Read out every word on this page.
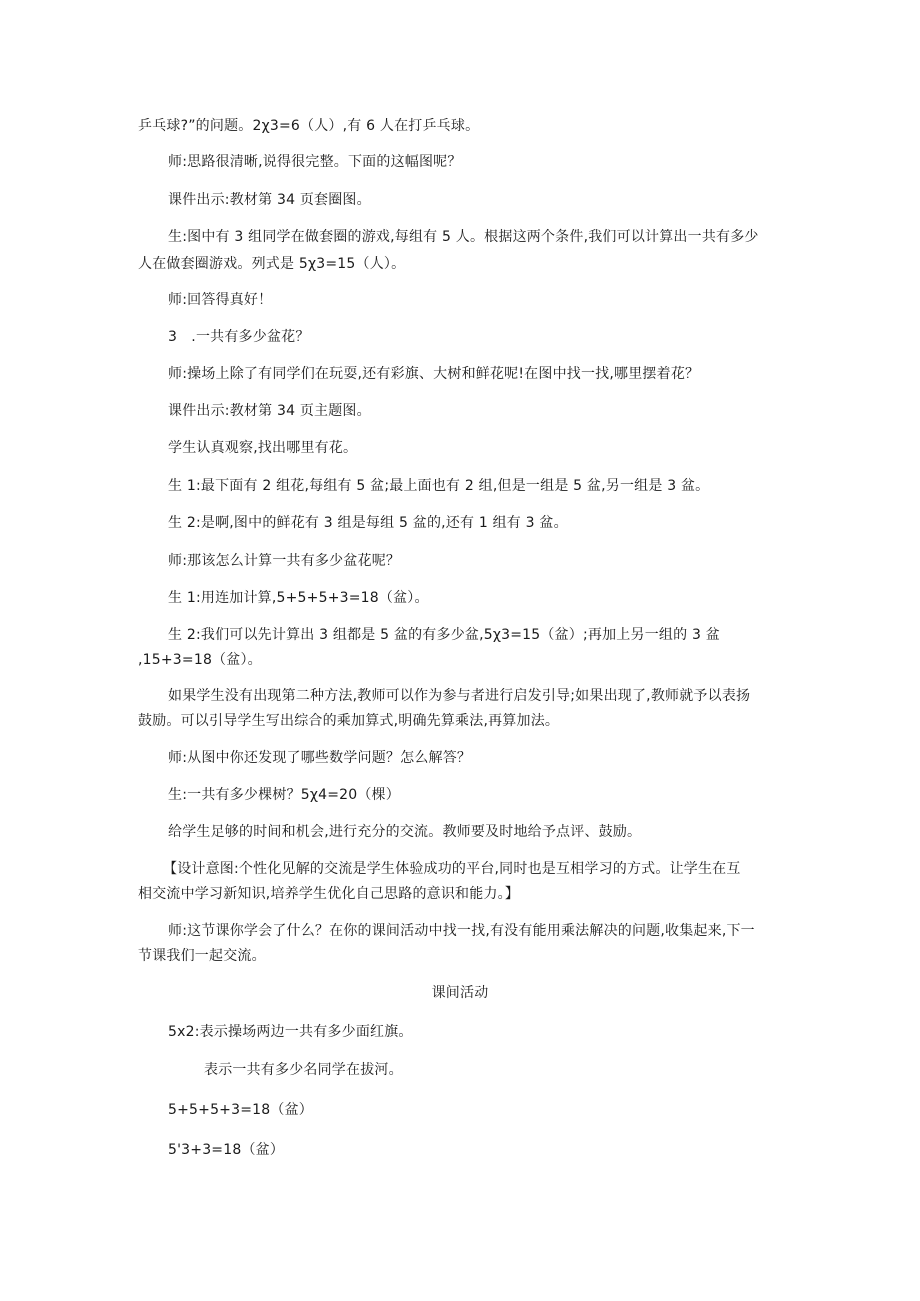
乒乓球?”的问题。2χ3=6（人）,有 6 人在打乒乓球。

师:思路很清晰,说得很完整。下面的这幅图呢？

课件出示:教材第 34 页套圈图。

生:图中有 3 组同学在做套圈的游戏,每组有 5 人。根据这两个条件,我们可以计算出一共有多少

人在做套圈游戏。列式是 5χ3=15（人）。

师:回答得真好！

3　.一共有多少盆花？

师:操场上除了有同学们在玩耍,还有彩旗、大树和鲜花呢!在图中找一找,哪里摆着花？

课件出示:教材第 34 页主题图。

学生认真观察,找出哪里有花。

生 1:最下面有 2 组花,每组有 5 盆;最上面也有 2 组,但是一组是 5 盆,另一组是 3 盆。

生 2:是啊,图中的鲜花有 3 组是每组 5 盆的,还有 1 组有 3 盆。

师:那该怎么计算一共有多少盆花呢？

生 1:用连加计算,5+5+5+3=18（盆）。

生 2:我们可以先计算出 3 组都是 5 盆的有多少盆,5χ3=15（盆）;再加上另一组的 3 盆

,15+3=18（盆）。

如果学生没有出现第二种方法,教师可以作为参与者进行启发引导;如果出现了,教师就予以表扬

鼓励。可以引导学生写出综合的乘加算式,明确先算乘法,再算加法。

师:从图中你还发现了哪些数学问题？怎么解答？

生:一共有多少棵树？5χ4=20（棵）

给学生足够的时间和机会,进行充分的交流。教师要及时地给予点评、鼓励。

【设计意图:个性化见解的交流是学生体验成功的平台,同时也是互相学习的方式。让学生在互

相交流中学习新知识,培养学生优化自己思路的意识和能力。】

师:这节课你学会了什么？在你的课间活动中找一找,有没有能用乘法解决的问题,收集起来,下一

节课我们一起交流。

课间活动

5x2:表示操场两边一共有多少面红旗。

表示一共有多少名同学在拔河。

5+5+5+3=18（盆）

5'3+3=18（盆）
